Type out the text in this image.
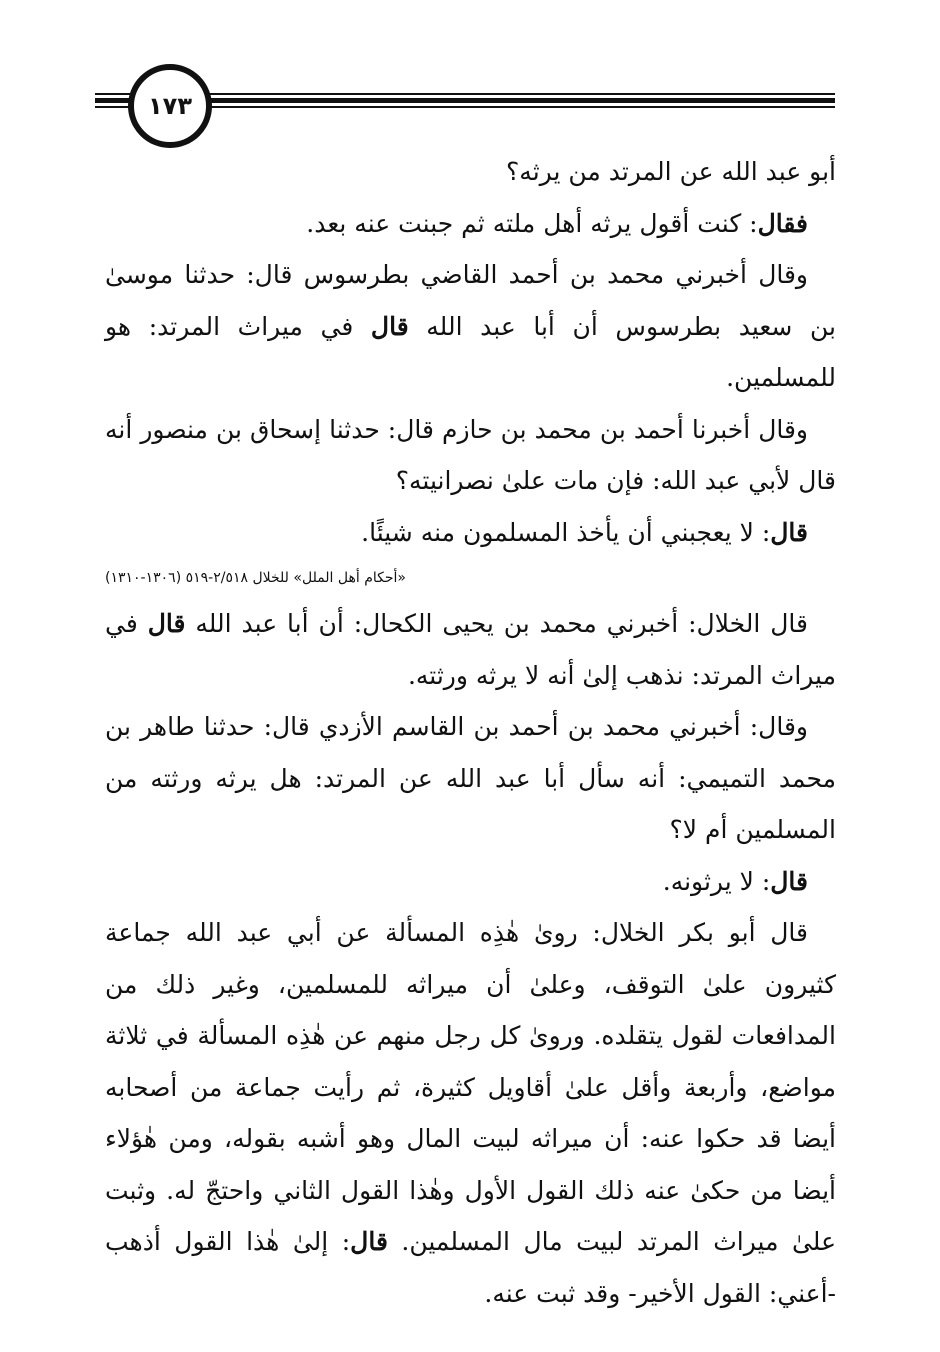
١٧٣

أبو عبد الله عن المرتد من يرثه؟

فقال: كنت أقول يرثه أهل ملته ثم جبنت عنه بعد.

وقال أخبرني محمد بن أحمد القاضي بطرسوس قال: حدثنا موسىٰ بن سعيد بطرسوس أن أبا عبد الله قال في ميراث المرتد: هو للمسلمين.

وقال أخبرنا أحمد بن محمد بن حازم قال: حدثنا إسحاق بن منصور أنه قال لأبي عبد الله: فإن مات علىٰ نصرانيته؟

قال: لا يعجبني أن يأخذ المسلمون منه شيئًا.

«أحكام أهل الملل» للخلال ٢/٥١٨-٥١٩ (١٣٠٦-١٣١٠)

قال الخلال: أخبرني محمد بن يحيى الكحال: أن أبا عبد الله قال في ميراث المرتد: نذهب إلىٰ أنه لا يرثه ورثته.

وقال: أخبرني محمد بن أحمد بن القاسم الأزدي قال: حدثنا طاهر بن محمد التميمي: أنه سأل أبا عبد الله عن المرتد: هل يرثه ورثته من المسلمين أم لا؟

قال: لا يرثونه.

قال أبو بكر الخلال: روىٰ هٰذِه المسألة عن أبي عبد الله جماعة كثيرون علىٰ التوقف، وعلىٰ أن ميراثه للمسلمين، وغير ذلك من المدافعات لقول يتقلده. وروىٰ كل رجل منهم عن هٰذِه المسألة في ثلاثة مواضع، وأربعة وأقل علىٰ أقاويل كثيرة، ثم رأيت جماعة من أصحابه أيضا قد حكوا عنه: أن ميراثه لبيت المال وهو أشبه بقوله، ومن هٰؤلاء أيضا من حكىٰ عنه ذلك القول الأول وهٰذا القول الثاني واحتجّ له. وثبت علىٰ ميراث المرتد لبيت مال المسلمين. قال: إلىٰ هٰذا القول أذهب -أعني: القول الأخير- وقد ثبت عنه.
